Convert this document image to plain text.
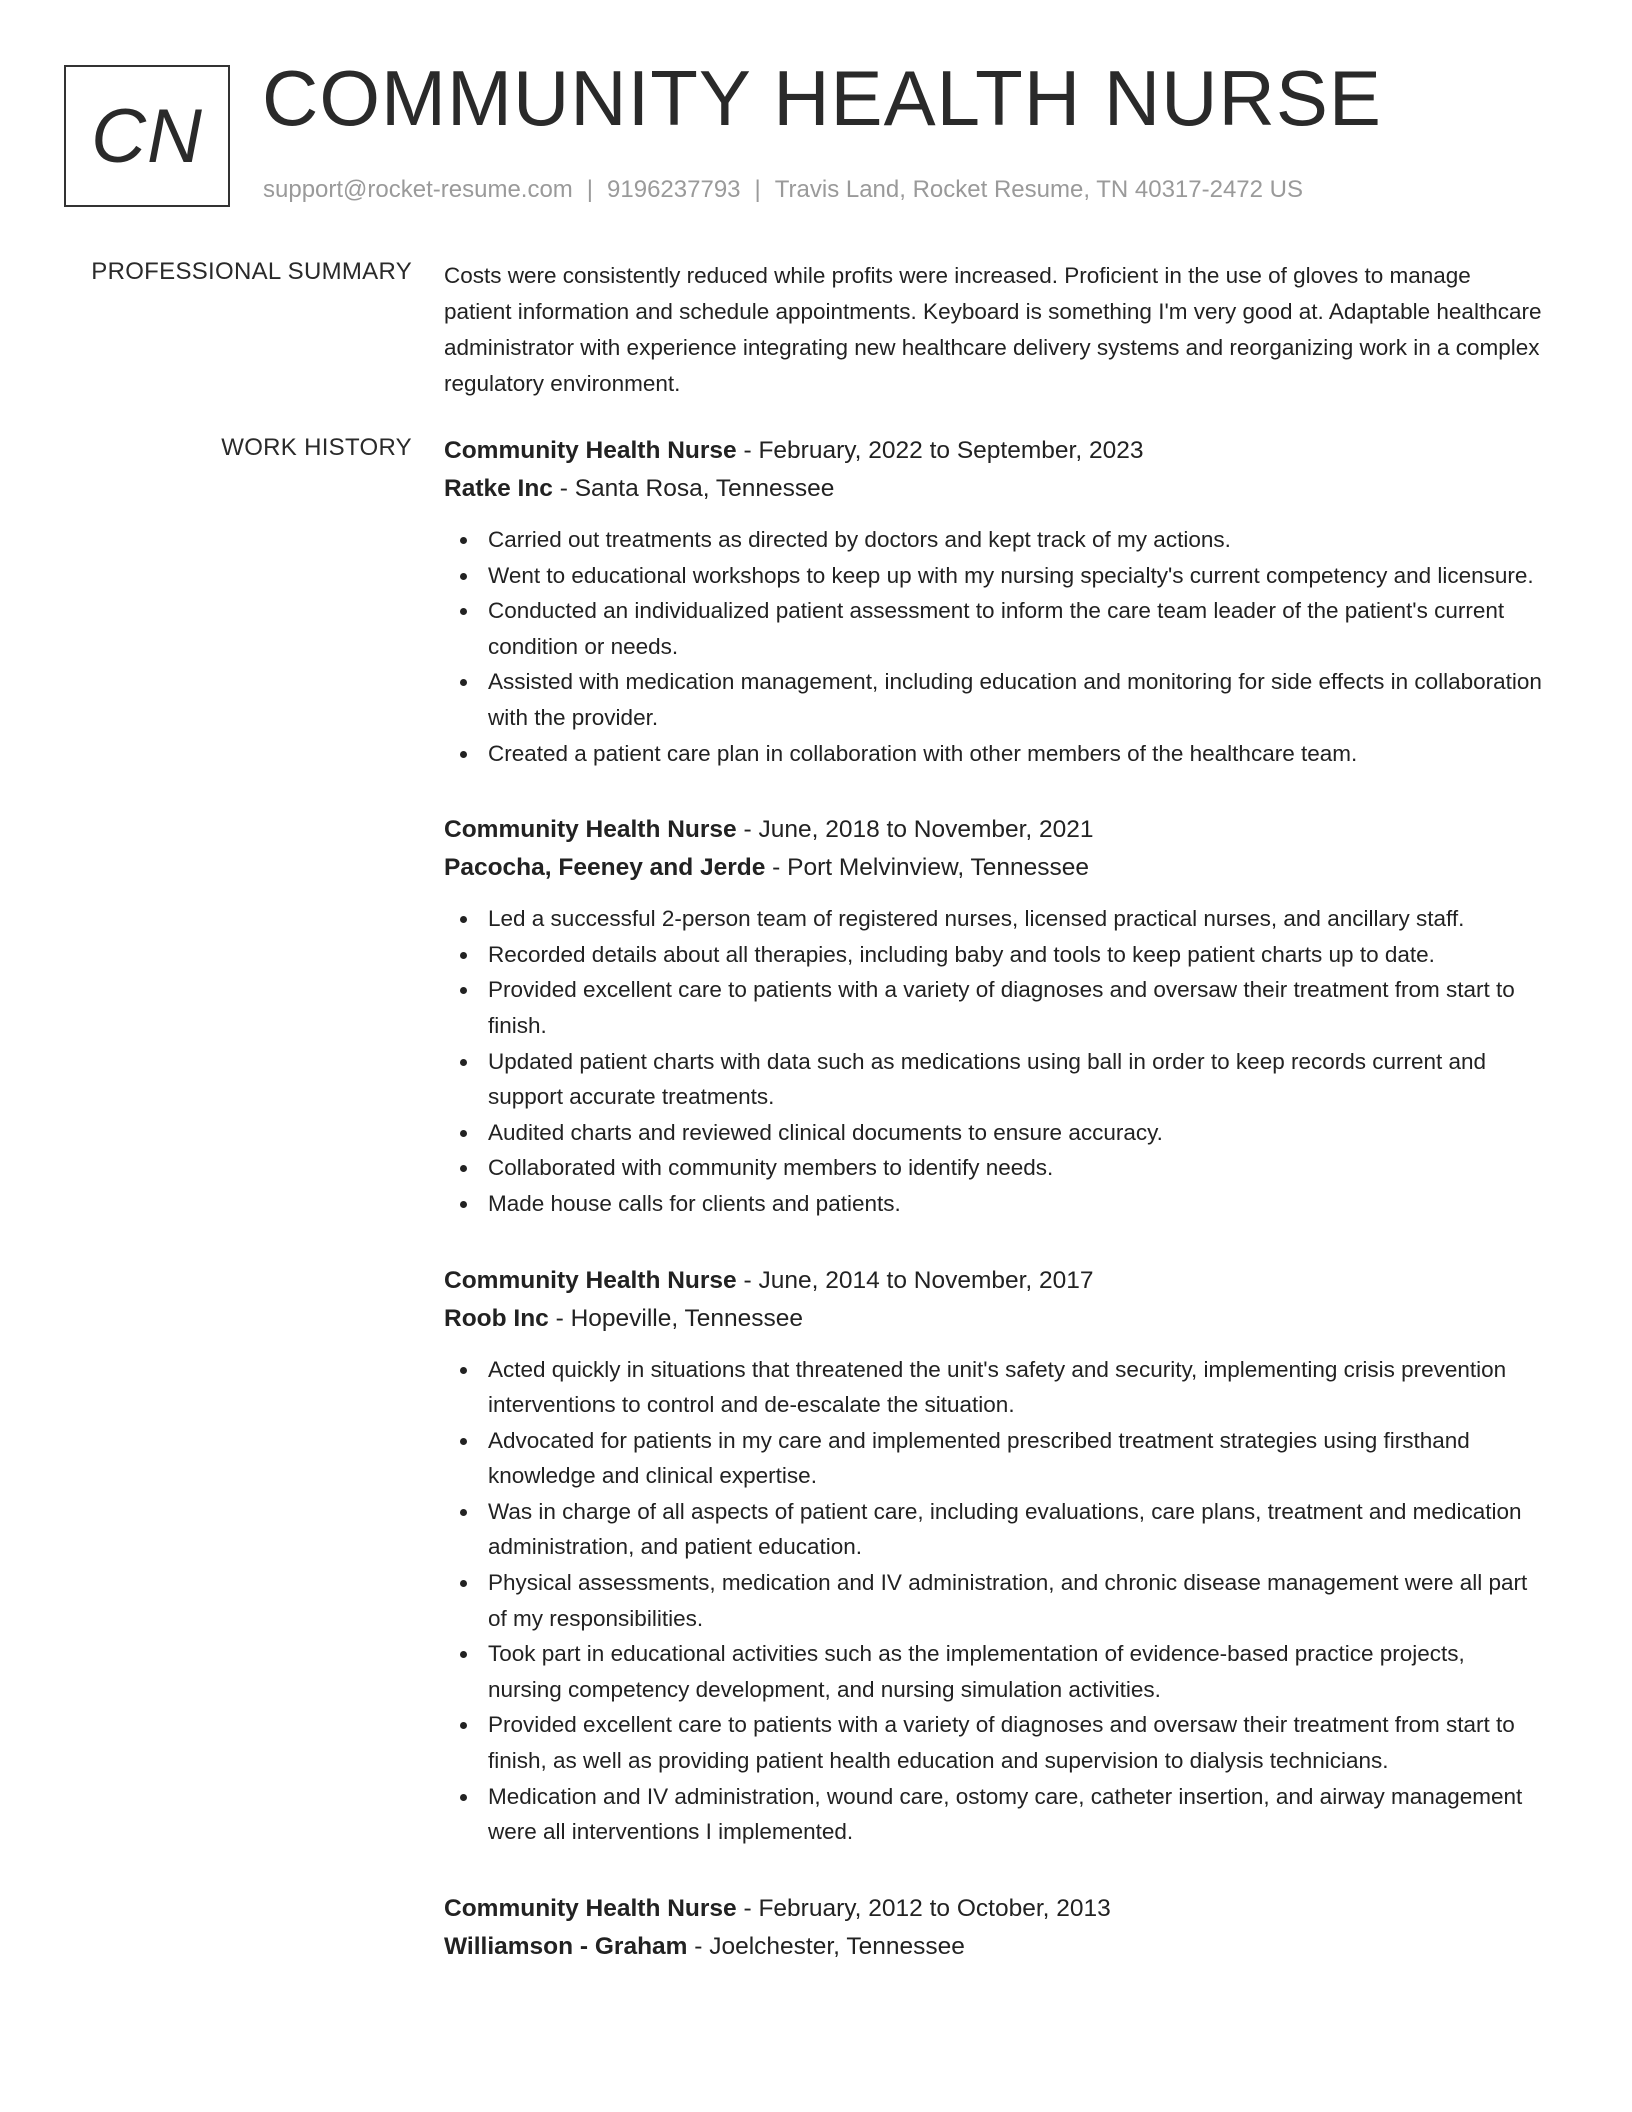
CN COMMUNITY HEALTH NURSE
support@rocket-resume.com | 9196237793 | Travis Land, Rocket Resume, TN 40317-2472 US
PROFESSIONAL SUMMARY Costs were consistently reduced while profits were increased. Proficient in the use of gloves to manage patient information and schedule appointments. Keyboard is something I'm very good at. Adaptable healthcare administrator with experience integrating new healthcare delivery systems and reorganizing work in a complex regulatory environment.

WORK HISTORY Community Health Nurse - February, 2022 to September, 2023
Ratke Inc - Santa Rosa, Tennessee
Carried out treatments as directed by doctors and kept track of my actions.
Went to educational workshops to keep up with my nursing specialty's current competency and licensure.
Conducted an individualized patient assessment to inform the care team leader of the patient's current condition or needs.
Assisted with medication management, including education and monitoring for side effects in collaboration with the provider.
Created a patient care plan in collaboration with other members of the healthcare team.
Community Health Nurse - June, 2018 to November, 2021
Pacocha, Feeney and Jerde - Port Melvinview, Tennessee
Led a successful 2-person team of registered nurses, licensed practical nurses, and ancillary staff.
Recorded details about all therapies, including baby and tools to keep patient charts up to date.
Provided excellent care to patients with a variety of diagnoses and oversaw their treatment from start to finish.
Updated patient charts with data such as medications using ball in order to keep records current and support accurate treatments.
Audited charts and reviewed clinical documents to ensure accuracy.
Collaborated with community members to identify needs.
Made house calls for clients and patients.
Community Health Nurse - June, 2014 to November, 2017
Roob Inc - Hopeville, Tennessee
Acted quickly in situations that threatened the unit's safety and security, implementing crisis prevention interventions to control and de-escalate the situation.
Advocated for patients in my care and implemented prescribed treatment strategies using firsthand knowledge and clinical expertise.
Was in charge of all aspects of patient care, including evaluations, care plans, treatment and medication administration, and patient education.
Physical assessments, medication and IV administration, and chronic disease management were all part of my responsibilities.
Took part in educational activities such as the implementation of evidence-based practice projects, nursing competency development, and nursing simulation activities.
Provided excellent care to patients with a variety of diagnoses and oversaw their treatment from start to finish, as well as providing patient health education and supervision to dialysis technicians.
Medication and IV administration, wound care, ostomy care, catheter insertion, and airway management were all interventions I implemented.
Community Health Nurse - February, 2012 to October, 2013
Williamson - Graham - Joelchester, Tennessee
